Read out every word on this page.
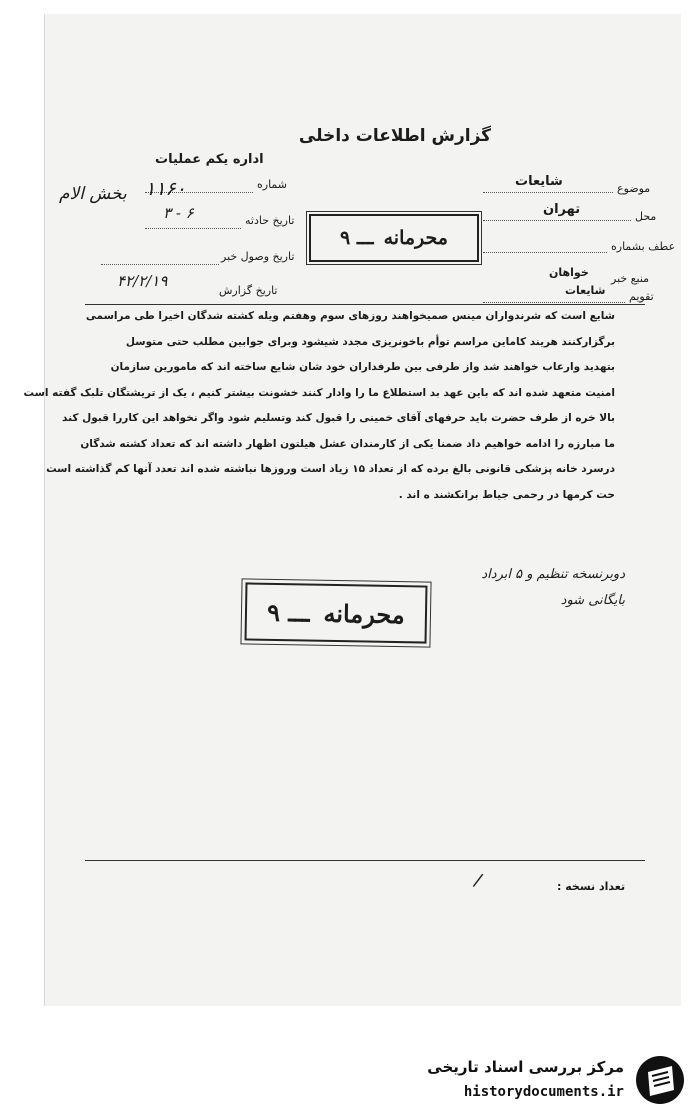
گزارش اطلاعات داخلی
اداره یکم عملیات
شماره
۱۱۶۰
بخش الام
تاریخ حادثه
۶ - ۳
تاریخ وصول خبر
تاریخ گزارش
۴۲/۲/۱۹
موضوع
شایعات
محل
تهران
عطف بشماره
منبع خبر
خواهان
تقویم
شایعات
محرمانه
ـــ ۹
شایع است که شرندواران مینس صمیخواهند روزهای سوم وهفتم ویله کشته شدگان اخیرا طی مراسمی
برگزارکنند هریند کاماین مراسم توأم باخونریزی مجدد شیشود وبرای جوابین مطلب حتی متوسل
بتهدید وارعاب خواهند شد واز طرفی بین طرفداران خود شان شایع ساخته اند که مامورین سازمان
امنیت متعهد شده اند که باین عهد بد استطلاع ما را وادار کنند خشونت بیشتر کنیم ، یک از تریشتگان تلبک گفته است
بالا خره از طرف حضرت باید حرفهای آقای خمینی را قبول کند وتسلیم شود واگر نخواهد این کاررا قبول کند
ما مبارزه را ادامه خواهیم داد ضمنا یکی از کارمندان عشل هیلتون اظهار داشته اند که تعداد کشته شدگان
درسرد خانه پزشکی قانونی بالغ برده که از تعداد ۱۵ زیاد است وروزها نباشته شده اند تعدد آنها کم گذاشته است
حت کرمها در رحمی جیاط برانکشند ه اند .
دوبرنسخه تنظیم و ۵ ابرداد
بایگانی شود
محرمانه
ـــ ۹
/	تعداد نسخه :
مرکز بررسی اسناد تاریخی
historydocuments.ir
